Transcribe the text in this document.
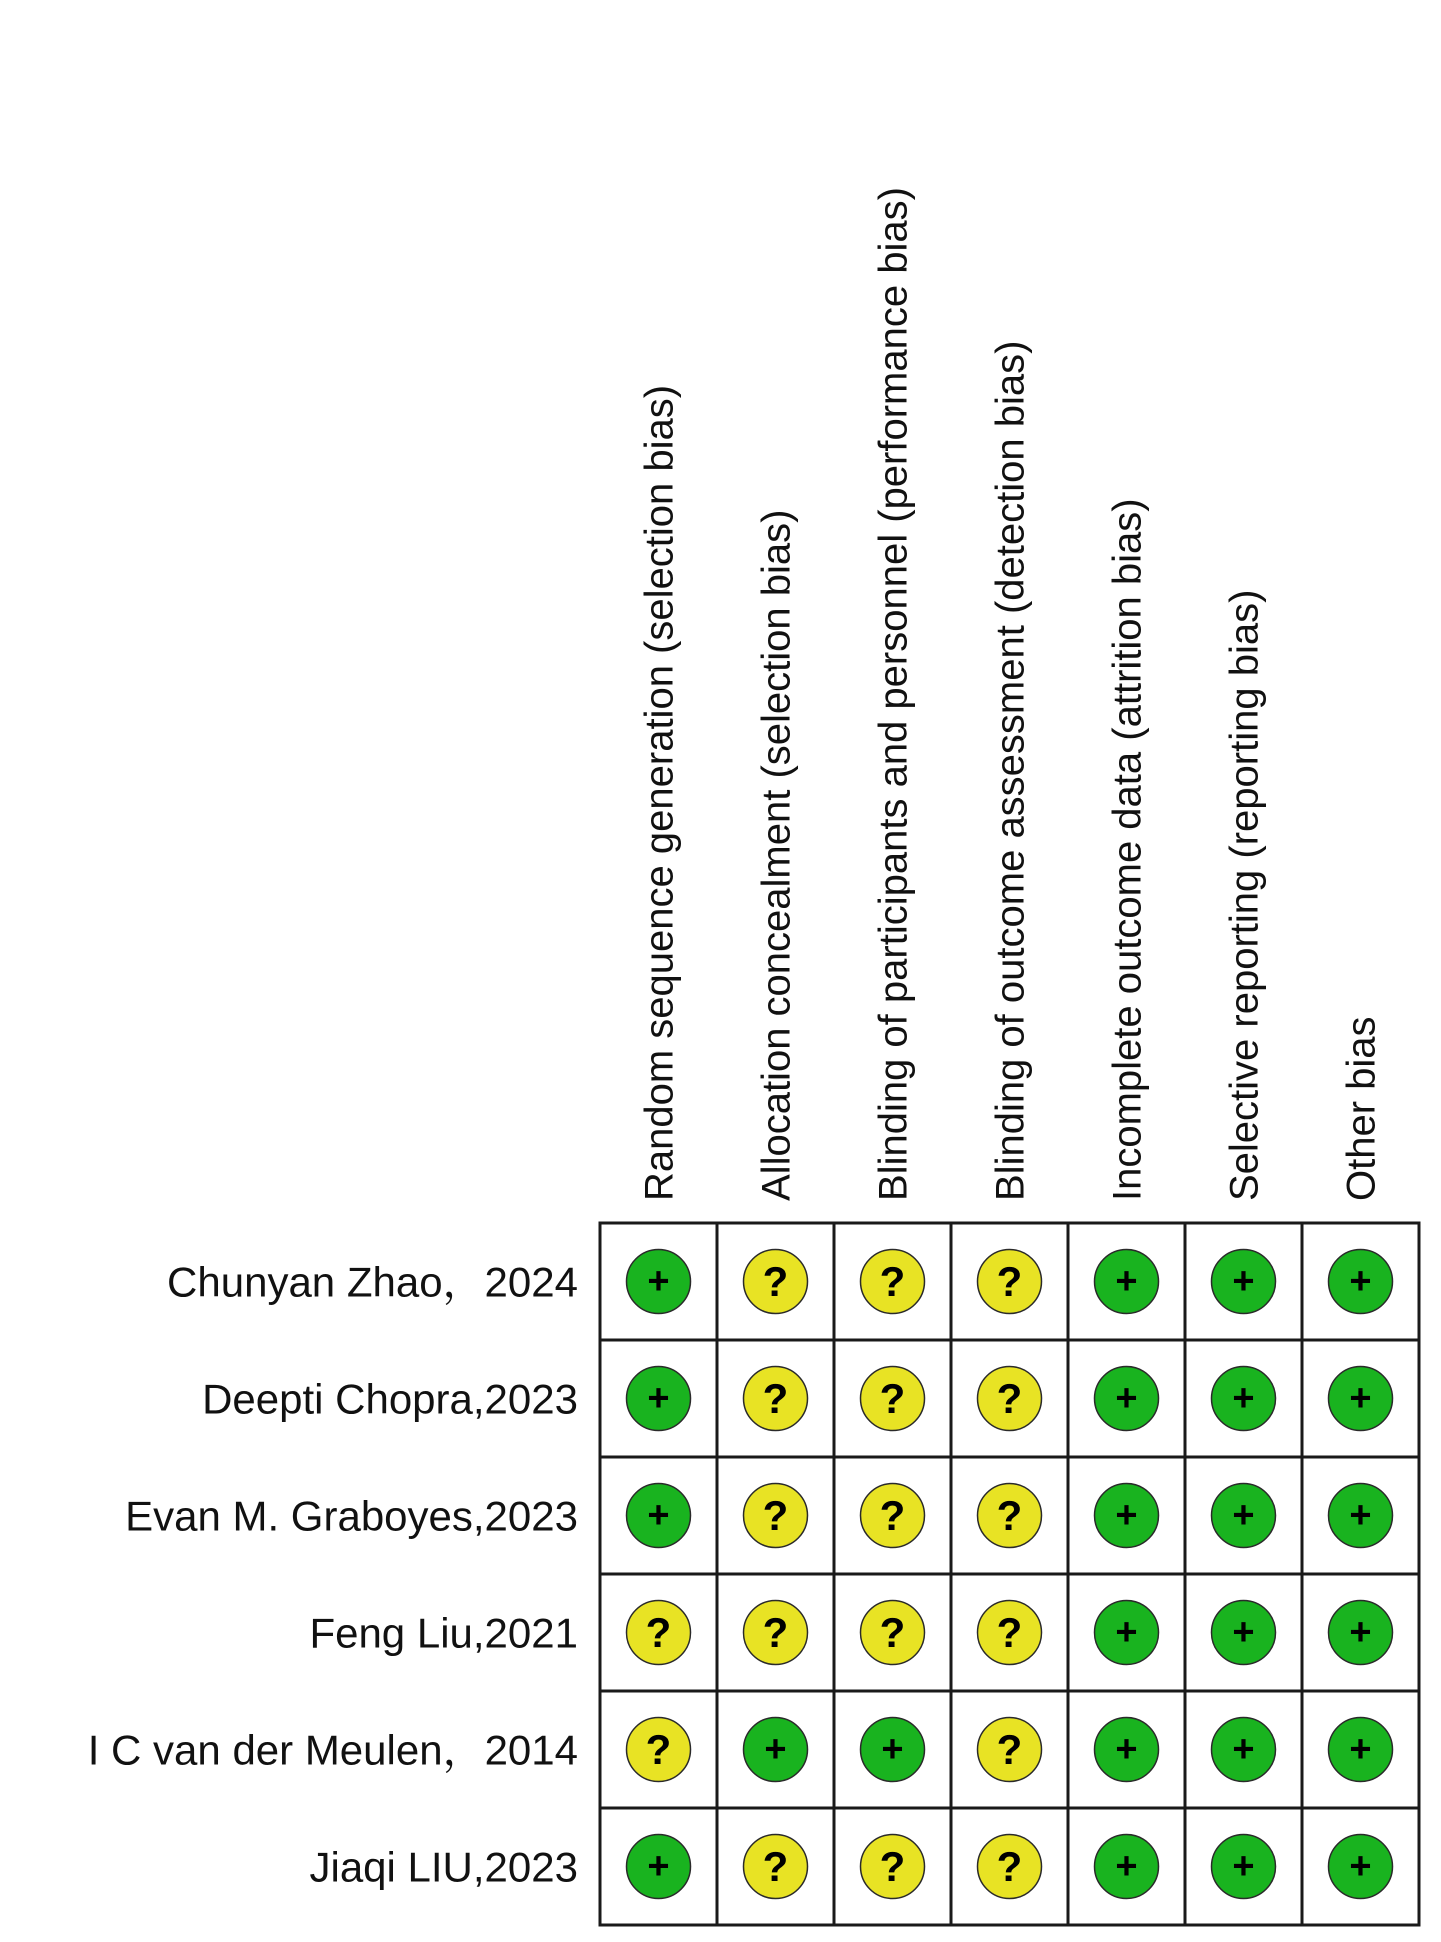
Random sequence generation (selection bias) Allocation concealment (selection bias) Blinding of participants and personnel (performance bias) Blinding of outcome assessment (detection bias) Incomplete outcome data (attrition bias) Selective reporting (reporting bias) Other bias
Chunyan Zhao，2024
Deepti Chopra,2023
Evan M. Graboyes,2023
Feng Liu,2021
I C van der Meulen，2014
Jiaqi LIU,2023
+ ? ? ? + + +
+ ? ? ? + + +
+ ? ? ? + + +
? ? ? ? + + +
? + + ? + + +
+ ? ? ? + + +
